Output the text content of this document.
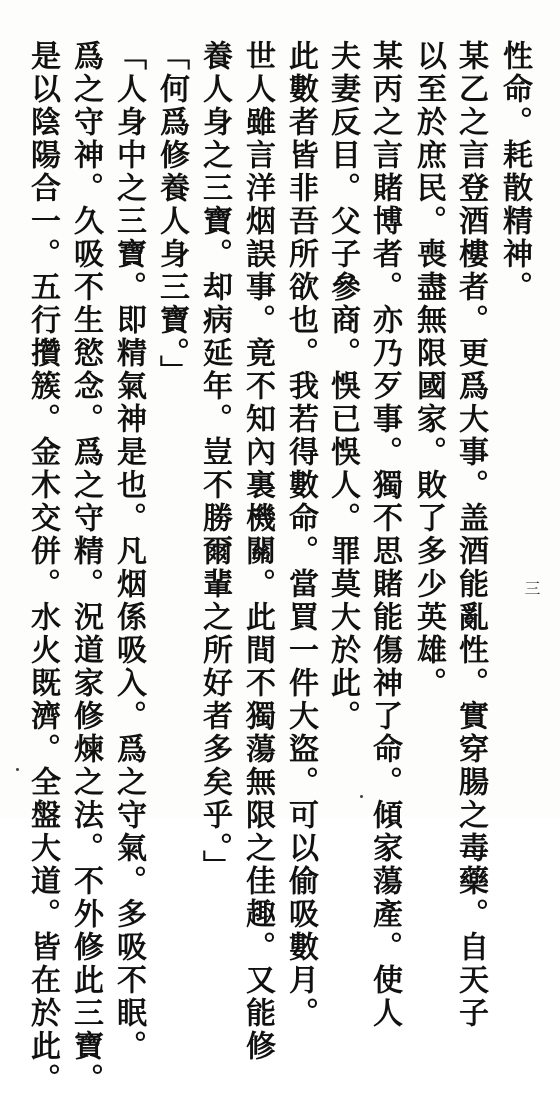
性命。耗散精神。
某乙之言登酒樓者。更爲大事。盖酒能亂性。實穿腸之毒藥。自天子
以至於庶民。喪盡無限國家。敗了多少英雄。
某丙之言賭博者。亦乃歹事。獨不思賭能傷神了命。傾家蕩產。使人
夫妻反目。父子參商。悞已悞人。罪莫大於此。
此數者皆非吾所欲也。我若得數命。當買一件大盜。可以偷吸數月。
世人雖言洋烟誤事。竟不知內裏機關。此間不獨蕩無限之佳趣。又能修
養人身之三寶。却病延年。豈不勝爾輩之所好者多矣乎。」
「何爲修養人身三寶。」
「人身中之三寶。即精氣神是也。凡烟係吸入。爲之守氣。多吸不眠。
爲之守神。久吸不生慾念。爲之守精。況道家修煉之法。不外修此三寶。
是以陰陽合一。五行攢簇。金木交併。水火既濟。全盤大道。皆在於此。	三
